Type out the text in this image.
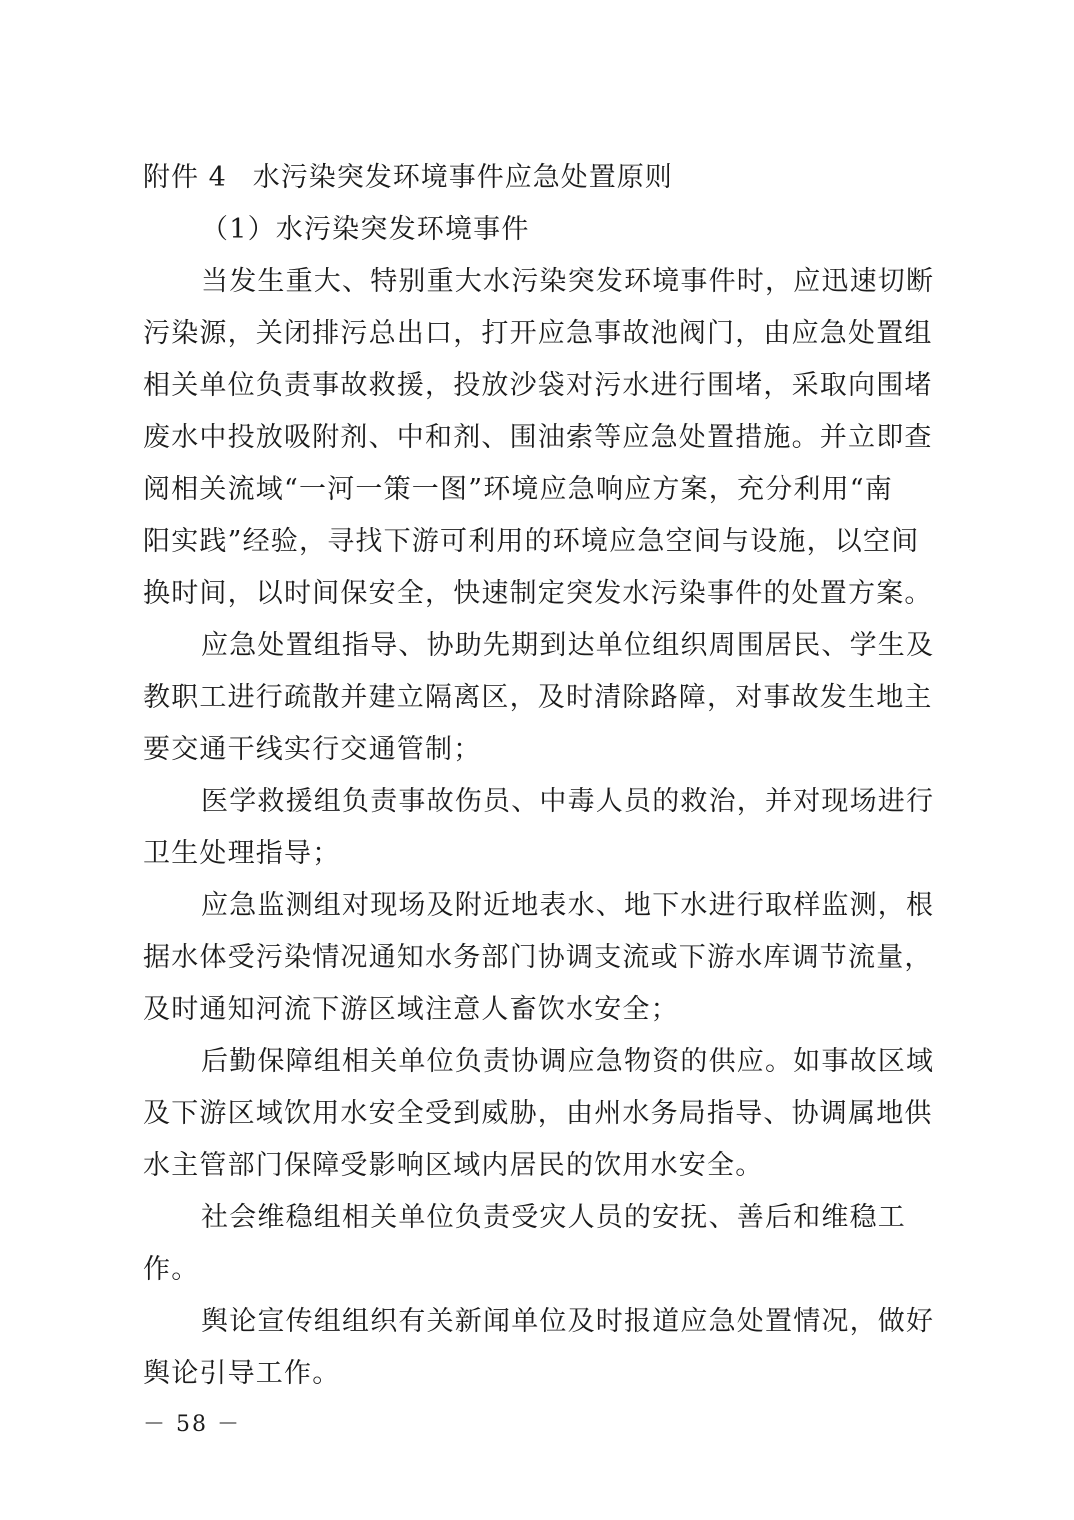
附件 4 水污染突发环境事件应急处置原则
（1）水污染突发环境事件
当发生重大、特别重大水污染突发环境事件时，应迅速切断
污染源，关闭排污总出口，打开应急事故池阀门，由应急处置组
相关单位负责事故救援，投放沙袋对污水进行围堵，采取向围堵
废水中投放吸附剂、中和剂、围油索等应急处置措施。并立即查
阅相关流域“一河一策一图”环境应急响应方案，充分利用“南
阳实践”经验，寻找下游可利用的环境应急空间与设施，以空间
换时间，以时间保安全，快速制定突发水污染事件的处置方案。
应急处置组指导、协助先期到达单位组织周围居民、学生及
教职工进行疏散并建立隔离区，及时清除路障，对事故发生地主
要交通干线实行交通管制；
医学救援组负责事故伤员、中毒人员的救治，并对现场进行
卫生处理指导；
应急监测组对现场及附近地表水、地下水进行取样监测，根
据水体受污染情况通知水务部门协调支流或下游水库调节流量，
及时通知河流下游区域注意人畜饮水安全；
后勤保障组相关单位负责协调应急物资的供应。如事故区域
及下游区域饮用水安全受到威胁，由州水务局指导、协调属地供
水主管部门保障受影响区域内居民的饮用水安全。
社会维稳组相关单位负责受灾人员的安抚、善后和维稳工
作。
舆论宣传组组织有关新闻单位及时报道应急处置情况，做好
舆论引导工作。
－ 58 －
